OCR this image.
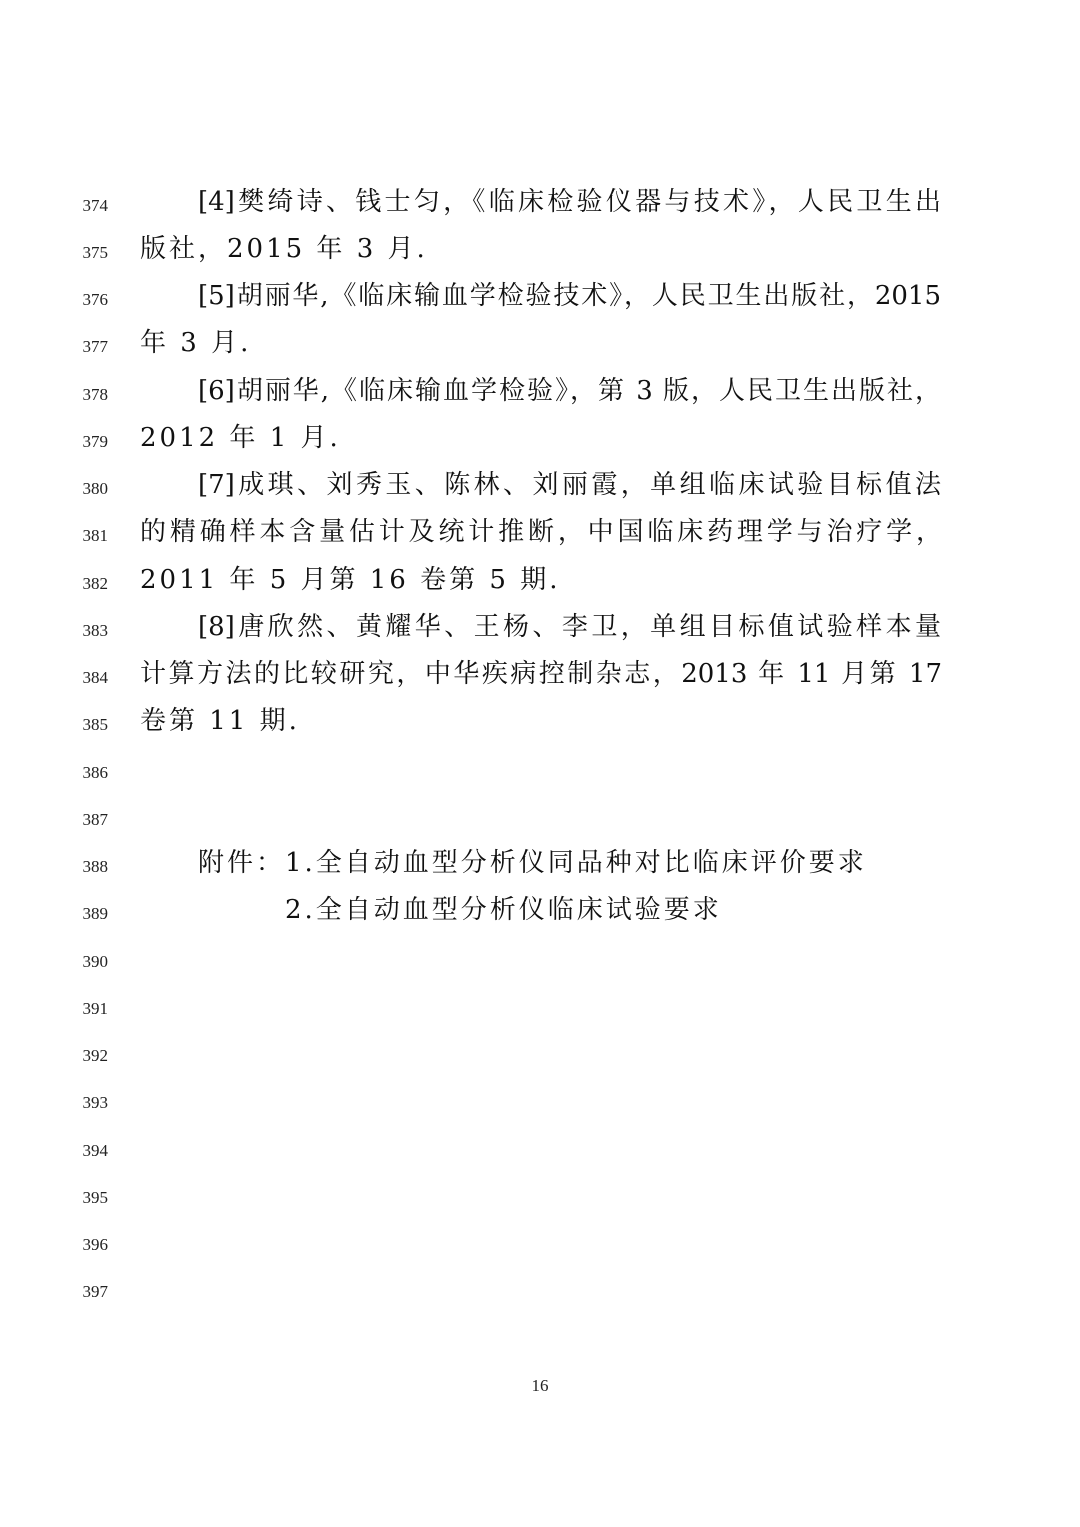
374	[4]樊绮诗、钱士匀，《临床检验仪器与技术》，人民卫生出
375 版社，2015 年 3 月.
376	[5]胡丽华,《临床输血学检验技术》，人民卫生出版社，2015
377 年 3 月.
378	[6]胡丽华,《临床输血学检验》，第 3 版，人民卫生出版社，
379 2012 年 1 月.
380	[7]成琪、刘秀玉、陈林、刘丽霞，单组临床试验目标值法
381 的精确样本含量估计及统计推断，中国临床药理学与治疗学，
382 2011 年 5 月第 16 卷第 5 期.
383	[8]唐欣然、黄耀华、王杨、李卫，单组目标值试验样本量
384 计算方法的比较研究，中华疾病控制杂志，2013 年 11 月第 17
385 卷第 11 期.
386
387
388	附件：1.全自动血型分析仪同品种对比临床评价要求
389	2.全自动血型分析仪临床试验要求
390
391
392
393
394
395
396
397
16
